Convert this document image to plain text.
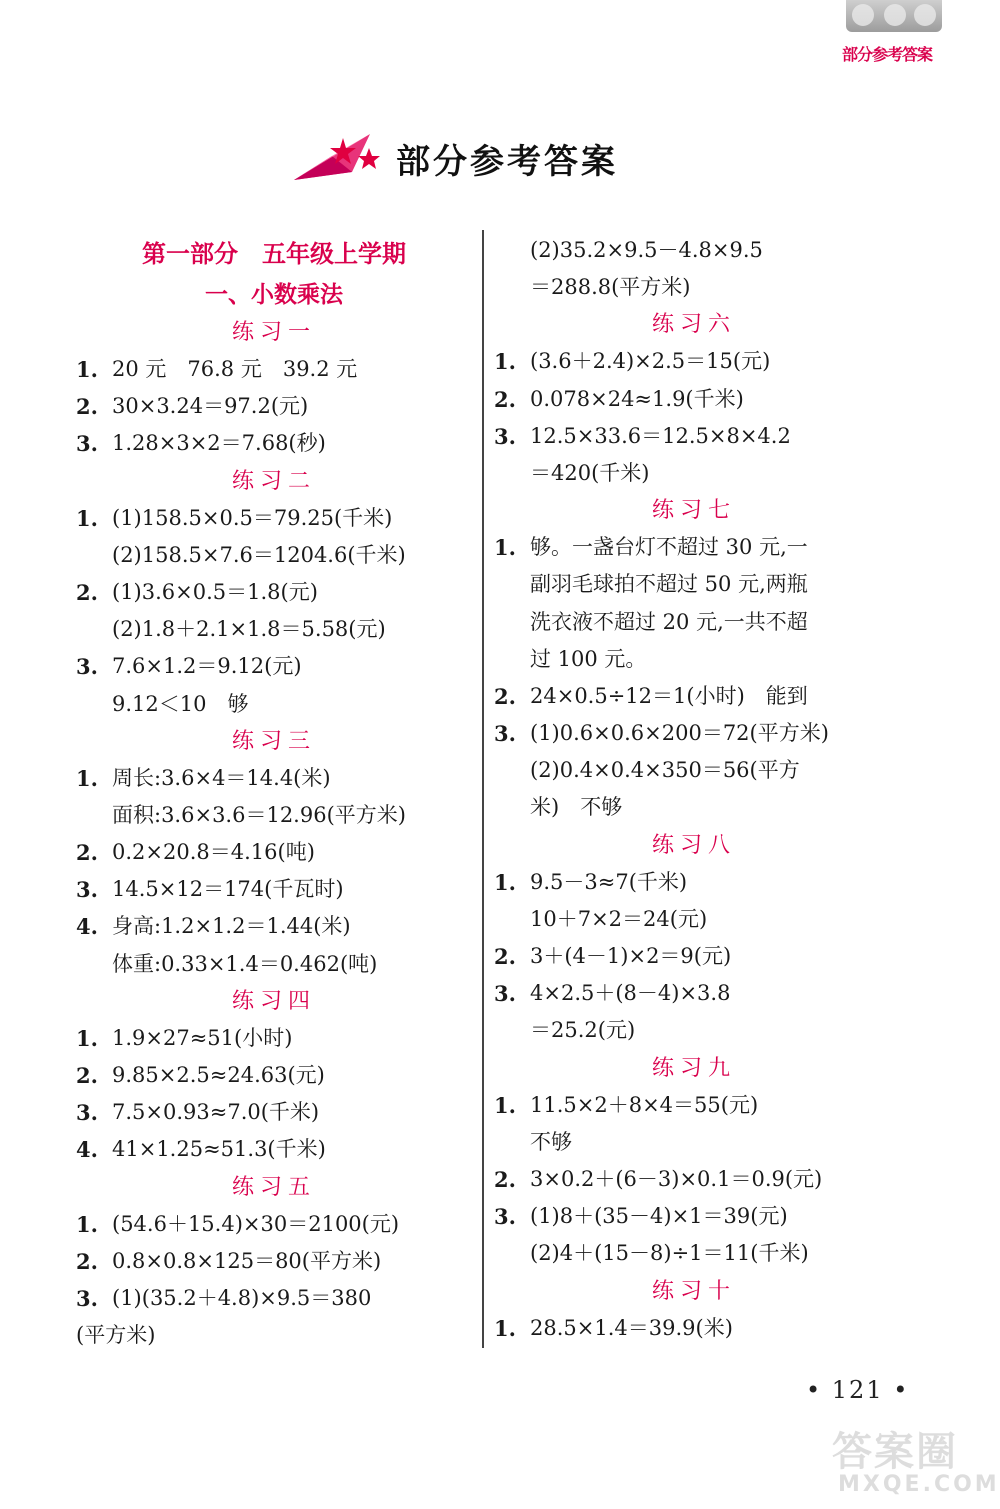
部分参考答案
部分参考答案
第一部分　五年级上学期
一、小数乘法
练习一
1. 20 元　76.8 元　39.2 元
2. 30×3.24＝97.2(元)
3. 1.28×3×2＝7.68(秒)
练习二
1. (1)158.5×0.5＝79.25(千米)
(2)158.5×7.6＝1204.6(千米)
2. (1)3.6×0.5＝1.8(元)
(2)1.8＋2.1×1.8＝5.58(元)
3. 7.6×1.2＝9.12(元)
9.12＜10　够
练习三
1. 周长:3.6×4＝14.4(米)
面积:3.6×3.6＝12.96(平方米)
2. 0.2×20.8＝4.16(吨)
3. 14.5×12＝174(千瓦时)
4. 身高:1.2×1.2＝1.44(米)
体重:0.33×1.4＝0.462(吨)
练习四
1. 1.9×27≈51(小时)
2. 9.85×2.5≈24.63(元)
3. 7.5×0.93≈7.0(千米)
4. 41×1.25≈51.3(千米)
练习五
1. (54.6＋15.4)×30＝2100(元)
2. 0.8×0.8×125＝80(平方米)
3. (1)(35.2＋4.8)×9.5＝380
(平方米)
(2)35.2×9.5－4.8×9.5
＝288.8(平方米)
练习六
1. (3.6＋2.4)×2.5＝15(元)
2. 0.078×24≈1.9(千米)
3. 12.5×33.6＝12.5×8×4.2
＝420(千米)
练习七
1. 够。一盏台灯不超过 30 元,一
副羽毛球拍不超过 50 元,两瓶
洗衣液不超过 20 元,一共不超
过 100 元。
2. 24×0.5÷12＝1(小时)　能到
3. (1)0.6×0.6×200＝72(平方米)
(2)0.4×0.4×350＝56(平方
米)　不够
练习八
1. 9.5－3≈7(千米)
10＋7×2＝24(元)
2. 3＋(4－1)×2＝9(元)
3. 4×2.5＋(8－4)×3.8
＝25.2(元)
练习九
1. 11.5×2＋8×4＝55(元)
不够
2. 3×0.2＋(6－3)×0.1＝0.9(元)
3. (1)8＋(35－4)×1＝39(元)
(2)4＋(15－8)÷1＝11(千米)
练习十
1. 28.5×1.4＝39.9(米)
• 121 •
答案圈
MXQE.COM
